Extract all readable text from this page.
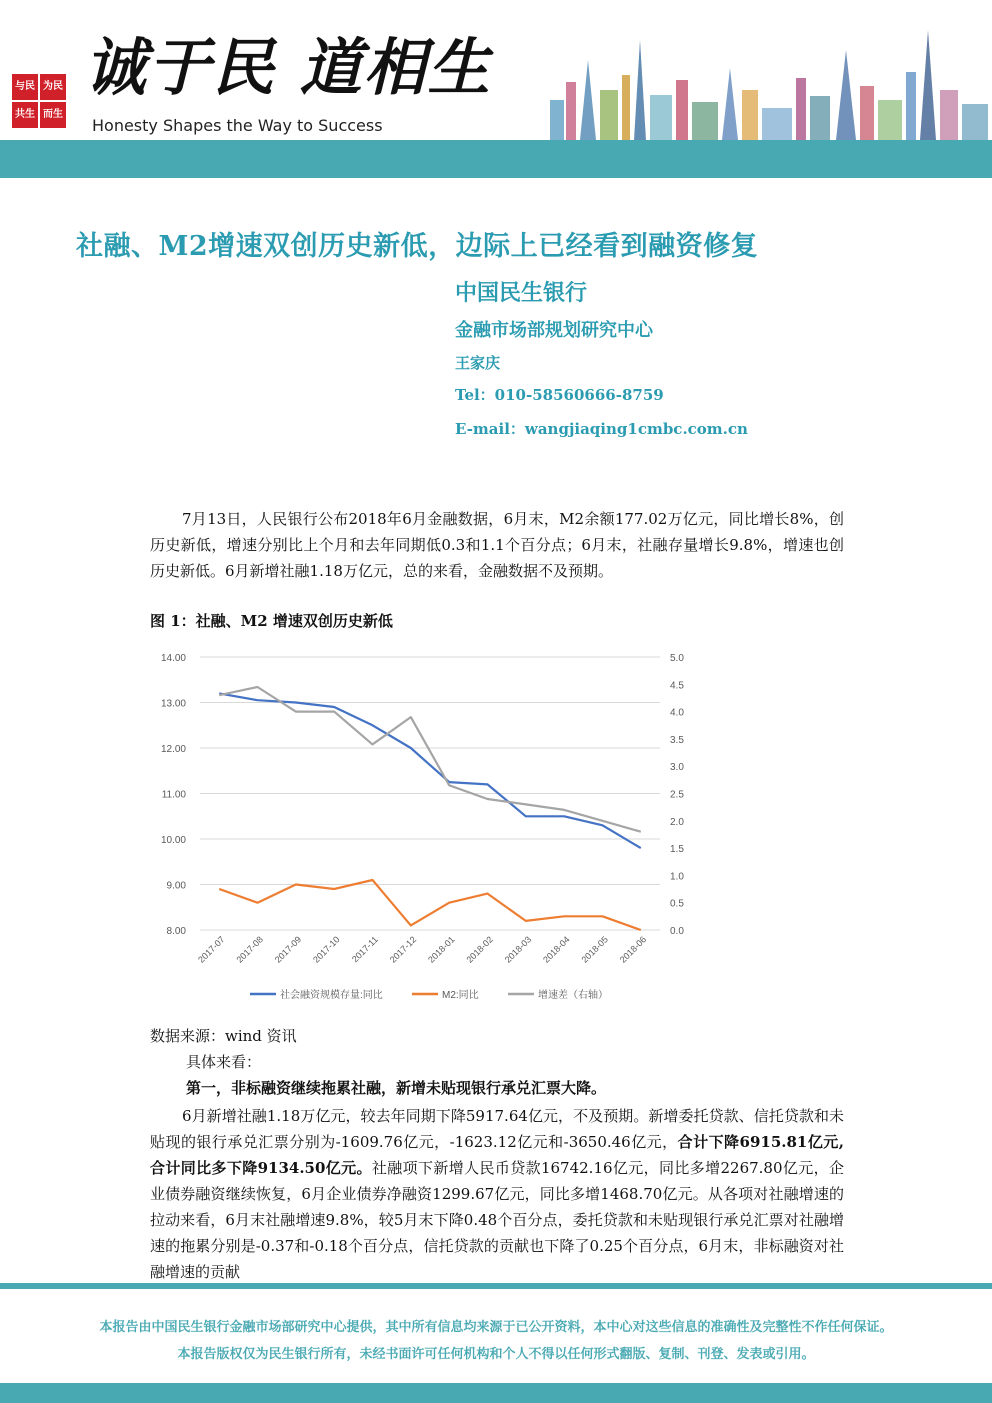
为民
而生
与民
共生
诚于民 道相生
Honesty Shapes the Way to Success
社融、M2增速双创历史新低，边际上已经看到融资修复
中国民生银行
金融市场部规划研究中心
王家庆
Tel：010-58560666-8759
E-mail：wangjiaqing1cmbc.com.cn
7月13日，人民银行公布2018年6月金融数据，6月末，M2余额177.02万亿元，同比增长8%，创历史新低，增速分别比上个月和去年同期低0.3和1.1个百分点；6月末，社融存量增长9.8%，增速也创历史新低。6月新增社融1.18万亿元，总的来看，金融数据不及预期。
图 1：社融、M2 增速双创历史新低
14.00
13.00
12.00
11.00
10.00
9.00
8.00
5.0
4.5
4.0
3.5
3.0
2.5
2.0
1.5
1.0
0.5
0.0
2017-07 2017-08 2017-09 2017-10 2017-11 2017-12 2018-01 2018-02 2018-03 2018-04 2018-05 2018-06
社会融资规模存量:同比	M2:同比	增速差（右轴）
数据来源：wind 资讯
具体来看：
第一，非标融资继续拖累社融，新增未贴现银行承兑汇票大降。
6月新增社融1.18万亿元，较去年同期下降5917.64亿元，不及预期。新增委托贷款、信托贷款和未贴现的银行承兑汇票分别为-1609.76亿元，-1623.12亿元和-3650.46亿元，合计下降6915.81亿元,合计同比多下降9134.50亿元。社融项下新增人民币贷款16742.16亿元，同比多增2267.80亿元，企业债券融资继续恢复，6月企业债券净融资1299.67亿元，同比多增1468.70亿元。从各项对社融增速的拉动来看，6月末社融增速9.8%，较5月末下降0.48个百分点，委托贷款和未贴现银行承兑汇票对社融增速的拖累分别是-0.37和-0.18个百分点，信托贷款的贡献也下降了0.25个百分点，6月末，非标融资对社融增速的贡献
本报告由中国民生银行金融市场部研究中心提供，其中所有信息均来源于已公开资料，本中心对这些信息的准确性及完整性不作任何保证。
本报告版权仅为民生银行所有，未经书面许可任何机构和个人不得以任何形式翻版、复制、刊登、发表或引用。
